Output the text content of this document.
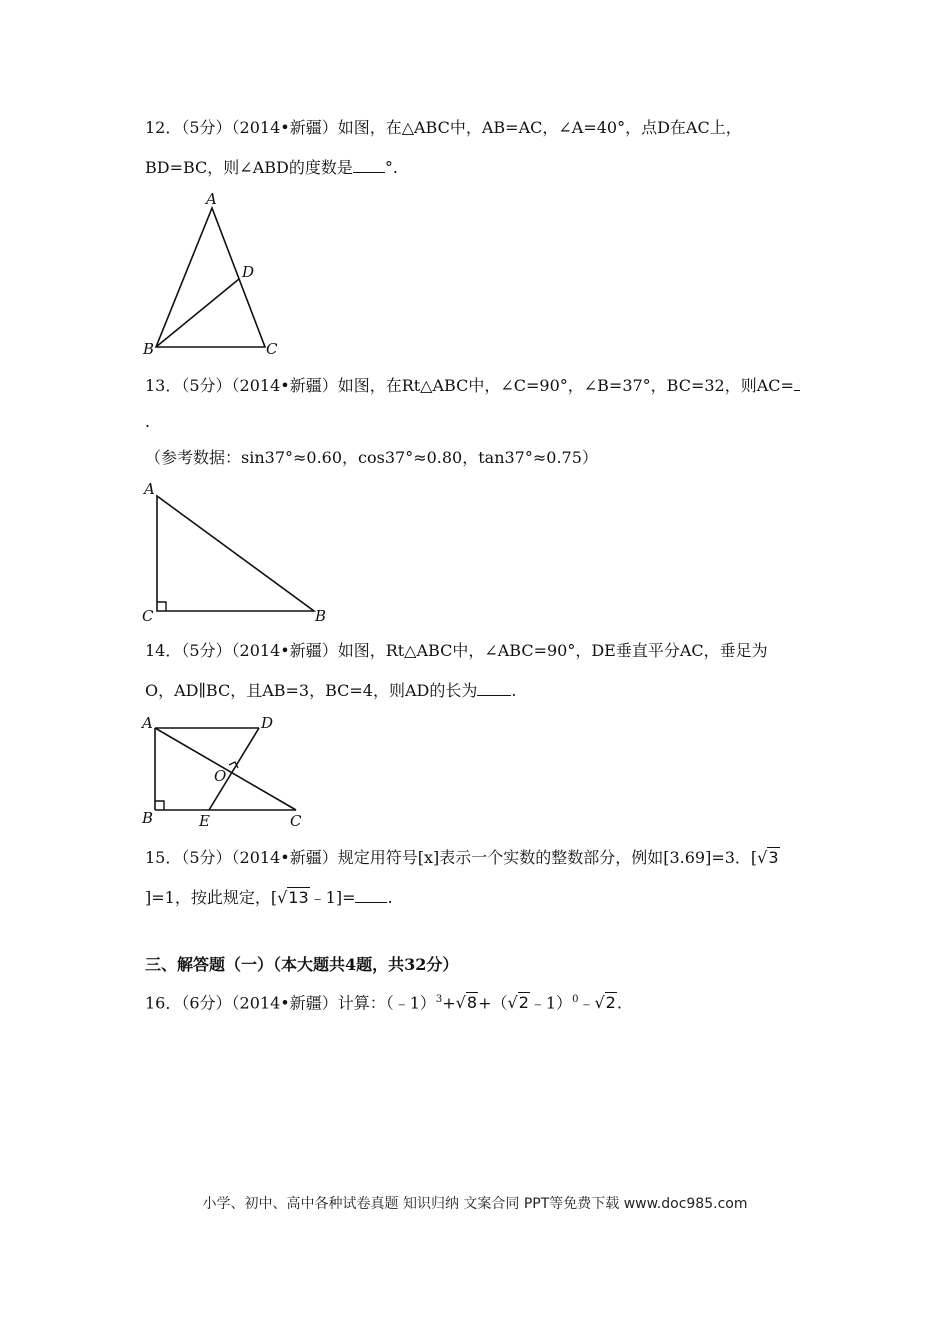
12．（5分）（2014•新疆）如图，在△ABC中，AB=AC，∠A=40°，点D在AC上，
BD=BC，则∠ABD的度数是 °.
A
B	C
D
13．（5分）（2014•新疆）如图，在Rt△ABC中，∠C=90°，∠B=37°，BC=32，则AC=
.
（参考数据：sin37°≈0.60，cos37°≈0.80，tan37°≈0.75）
A
C	B
14．（5分）（2014•新疆）如图，Rt△ABC中，∠ABC=90°，DE垂直平分AC，垂足为
O，AD∥BC，且AB=3，BC=4，则AD的长为 .
A	D
O
B	E	C
15．（5分）（2014•新疆）规定用符号[x]表示一个实数的整数部分，例如[3.69]=3．[√3
]=1，按此规定，[√13﹣1]= .
三、解答题（一）（本大题共4题，共32分）
16．（6分）（2014•新疆）计算：（﹣1）$^3$+√8+（√2﹣1）$^0$﹣√2.
小学、初中、高中各种试卷真题 知识归纳 文案合同 PPT等免费下载 www.doc985.com
